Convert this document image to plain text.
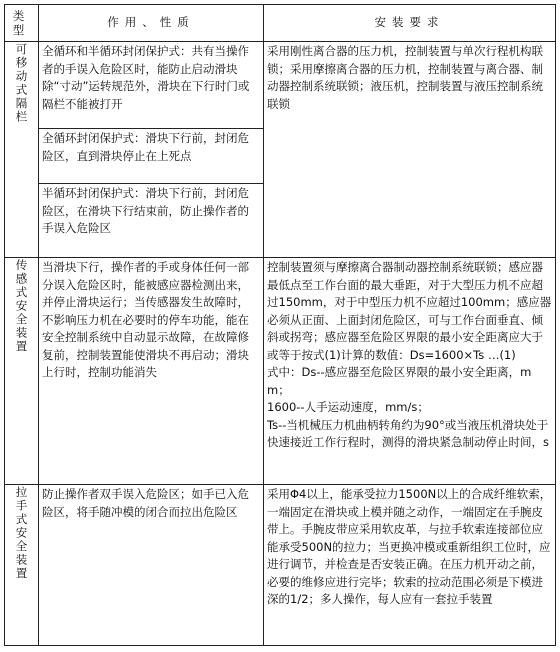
类型	作用、性质	安装要求
可移动式隔栏	全循环和半循环封闭保护式：共有当操作者的手误入危险区时，能防止启动滑块除“寸动”运转规范外，滑块在下行时门或隔栏不能被打开	采用刚性离合器的压力机，控制装置与单次行程机构联锁；采用摩擦离合器的压力机，控制装置与离合器、制动器控制系统联锁；液压机，控制装置与液压控制系统联锁
	全循环封闭保护式：滑块下行前，封闭危险区，直到滑块停止在上死点	
	半循环封闭保护式：滑块下行前，封闭危险区，在滑块下行结束前，防止操作者的手误入危险区	
传感式安全装置	当滑块下行，操作者的手或身体任何一部分误入危险区时，能被感应器检测出来，并停止滑块运行；当传感器发生故障时，不影响压力机在必要时的停车功能，能在安全控制系统中自动显示故障，在故障修复前，控制装置能使滑块不再启动；滑块上行时，控制功能消失	控制装置须与摩擦离合器制动器控制系统联锁；感应器最低点至工作台面的最大垂距，对于大型压力机不应超过150mm，对于中型压力机不应超过100mm；感应器必须从正面、上面封闭危险区，可与工作台面垂直、倾斜或拐弯；感应器至危险区界限的最小安全距离应大于或等于按式(1)计算的数值：Ds=1600×Ts …(1)
式中：Ds--感应器至危险区界限的最小安全距离，mm；
1600--人手运动速度，mm/s；
Ts--当机械压力机曲柄转角约为90°或当液压机滑块处于快速接近工作行程时，测得的滑块紧急制动停止时间，s

拉手式安全装置	防止操作者双手误入危险区；如手已入危险区，将手随冲模的闭合而拉出危险区	采用Φ4以上，能承受拉力1500N以上的合成纤维软索，一端固定在滑块或上模并随之动作，一端固定在手腕皮带上。手腕皮带应采用软皮革，与拉手软索连接部位应能承受500N的拉力；当更换冲模或重新组织工位时，应进行调节，并检查是否安装正确。在压力机开动之前，必要的维修应进行完毕；软索的拉动范围必须是下模进深的1/2；多人操作，每人应有一套拉手装置
